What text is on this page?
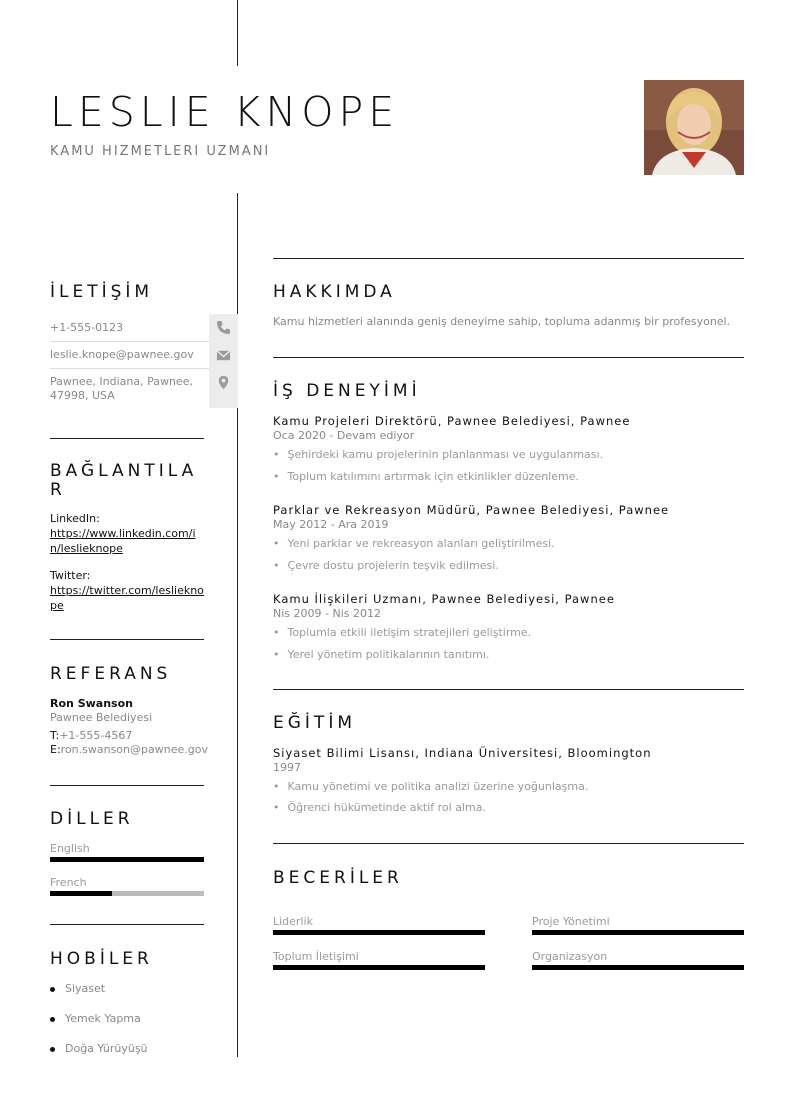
LESLIE KNOPE
KAMU HIZMETLERI UZMANI
İLETİŞİM
+1-555-0123
leslie.knope@pawnee.gov
Pawnee, Indiana, Pawnee, 47998, USA
BAĞLANTILA
R
LinkedIn:
https://www.linkedin.com/in/leslieknope
Twitter:
https://twitter.com/leslieknope
REFERANS
Ron Swanson
Pawnee Belediyesi
T:+1-555-4567
E:ron.swanson@pawnee.gov
DİLLER
English
French
HOBİLER
Siyaset
Yemek Yapma
Doğa Yürüyüşü
HAKKIMDA
Kamu hizmetleri alanında geniş deneyime sahip, topluma adanmış bir profesyonel.
İŞ DENEYİMİ
Kamu Projeleri Direktörü, Pawnee Belediyesi, Pawnee
Oca 2020 - Devam ediyor
• Şehirdeki kamu projelerinin planlanması ve uygulanması.
• Toplum katılımını artırmak için etkinlikler düzenleme.
Parklar ve Rekreasyon Müdürü, Pawnee Belediyesi, Pawnee
May 2012 - Ara 2019
• Yeni parklar ve rekreasyon alanları geliştirilmesi.
• Çevre dostu projelerin teşvik edilmesi.
Kamu İlişkileri Uzmanı, Pawnee Belediyesi, Pawnee
Nis 2009 - Nis 2012
• Toplumla etkili iletişim stratejileri geliştirme.
• Yerel yönetim politikalarının tanıtımı.
EĞİTİM
Siyaset Bilimi Lisansı, Indiana Üniversitesi, Bloomington
1997
• Kamu yönetimi ve politika analizi üzerine yoğunlaşma.
• Öğrenci hükümetinde aktif rol alma.
BECERİLER
Liderlik	Proje Yönetimi
Toplum İletişimi	Organizasyon
